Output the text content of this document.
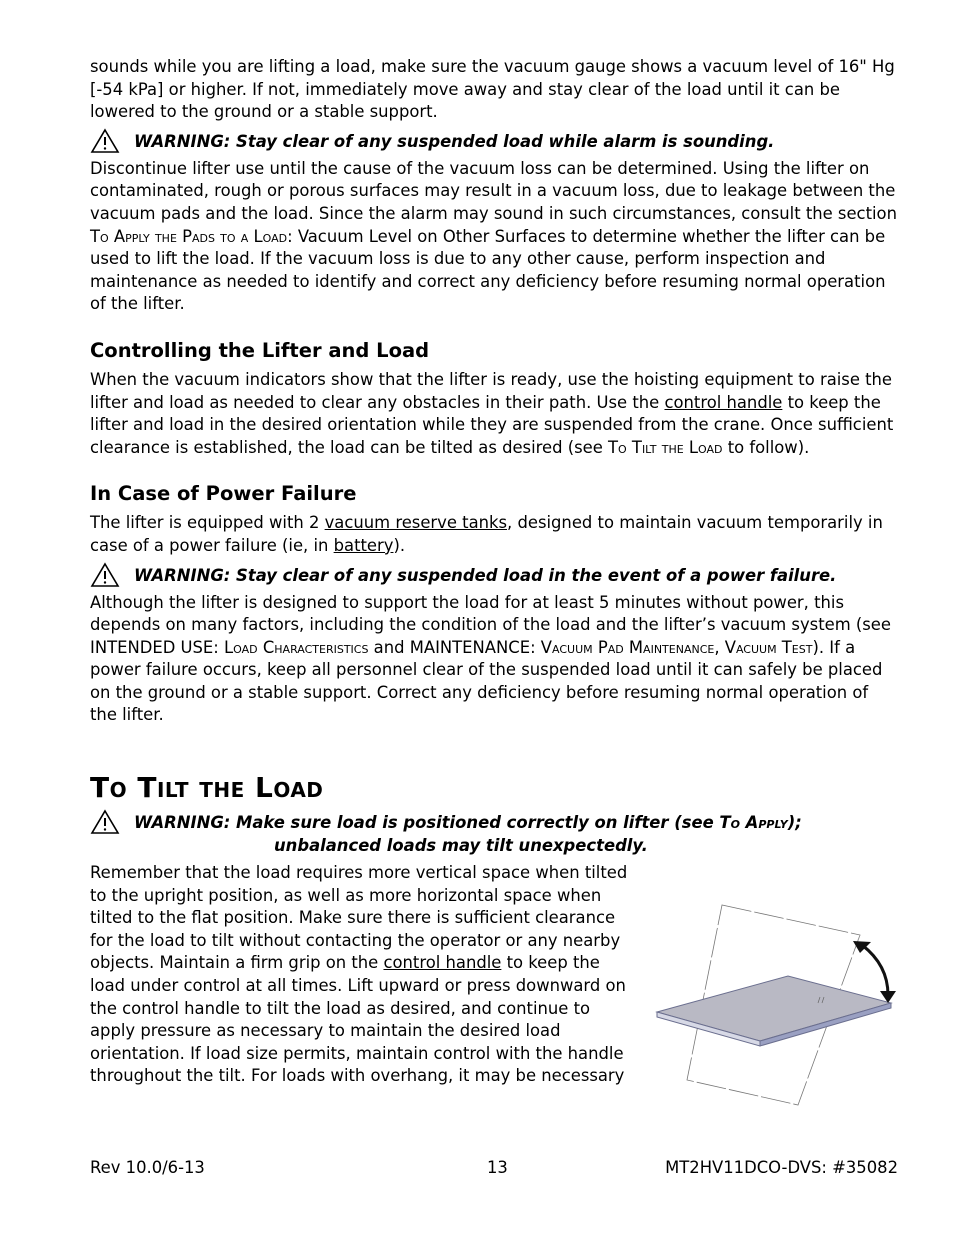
sounds while you are lifting a load, make sure the vacuum gauge shows a vacuum level of 16" Hg [-54 kPa] or higher. If not, immediately move away and stay clear of the load until it can be lowered to the ground or a stable support.

WARNING: Stay clear of any suspended load while alarm is sounding.

Discontinue lifter use until the cause of the vacuum loss can be determined. Using the lifter on contaminated, rough or porous surfaces may result in a vacuum loss, due to leakage between the vacuum pads and the load. Since the alarm may sound in such circumstances, consult the section To Apply the Pads to a Load: Vacuum Level on Other Surfaces to determine whether the lifter can be used to lift the load. If the vacuum loss is due to any other cause, perform inspection and maintenance as needed to identify and correct any deficiency before resuming normal operation of the lifter.

Controlling the Lifter and Load

When the vacuum indicators show that the lifter is ready, use the hoisting equipment to raise the lifter and load as needed to clear any obstacles in their path. Use the control handle to keep the lifter and load in the desired orientation while they are suspended from the crane. Once sufficient clearance is established, the load can be tilted as desired (see To Tilt the Load to follow).

In Case of Power Failure

The lifter is equipped with 2 vacuum reserve tanks, designed to maintain vacuum temporarily in case of a power failure (ie, in battery).

WARNING: Stay clear of any suspended load in the event of a power failure.

Although the lifter is designed to support the load for at least 5 minutes without power, this depends on many factors, including the condition of the load and the lifter’s vacuum system (see INTENDED USE: Load Characteristics and MAINTENANCE: Vacuum Pad Maintenance, Vacuum Test). If a power failure occurs, keep all personnel clear of the suspended load until it can safely be placed on the ground or a stable support. Correct any deficiency before resuming normal operation of the lifter.

To Tilt the Load
WARNING: Make sure load is positioned correctly on lifter (see To Apply);
unbalanced loads may tilt unexpectedly.

Remember that the load requires more vertical space when tilted to the upright position, as well as more horizontal space when tilted to the flat position. Make sure there is sufficient clearance for the load to tilt without contacting the operator or any nearby objects. Maintain a firm grip on the control handle to keep the load under control at all times. Lift upward or press downward on the control handle to tilt the load as desired, and continue to apply pressure as necessary to maintain the desired load orientation. If load size permits, maintain control with the handle throughout the tilt. For loads with overhang, it may be necessary

Rev 10.0/6-13	13	MT2HV11DCO-DVS: #35082
